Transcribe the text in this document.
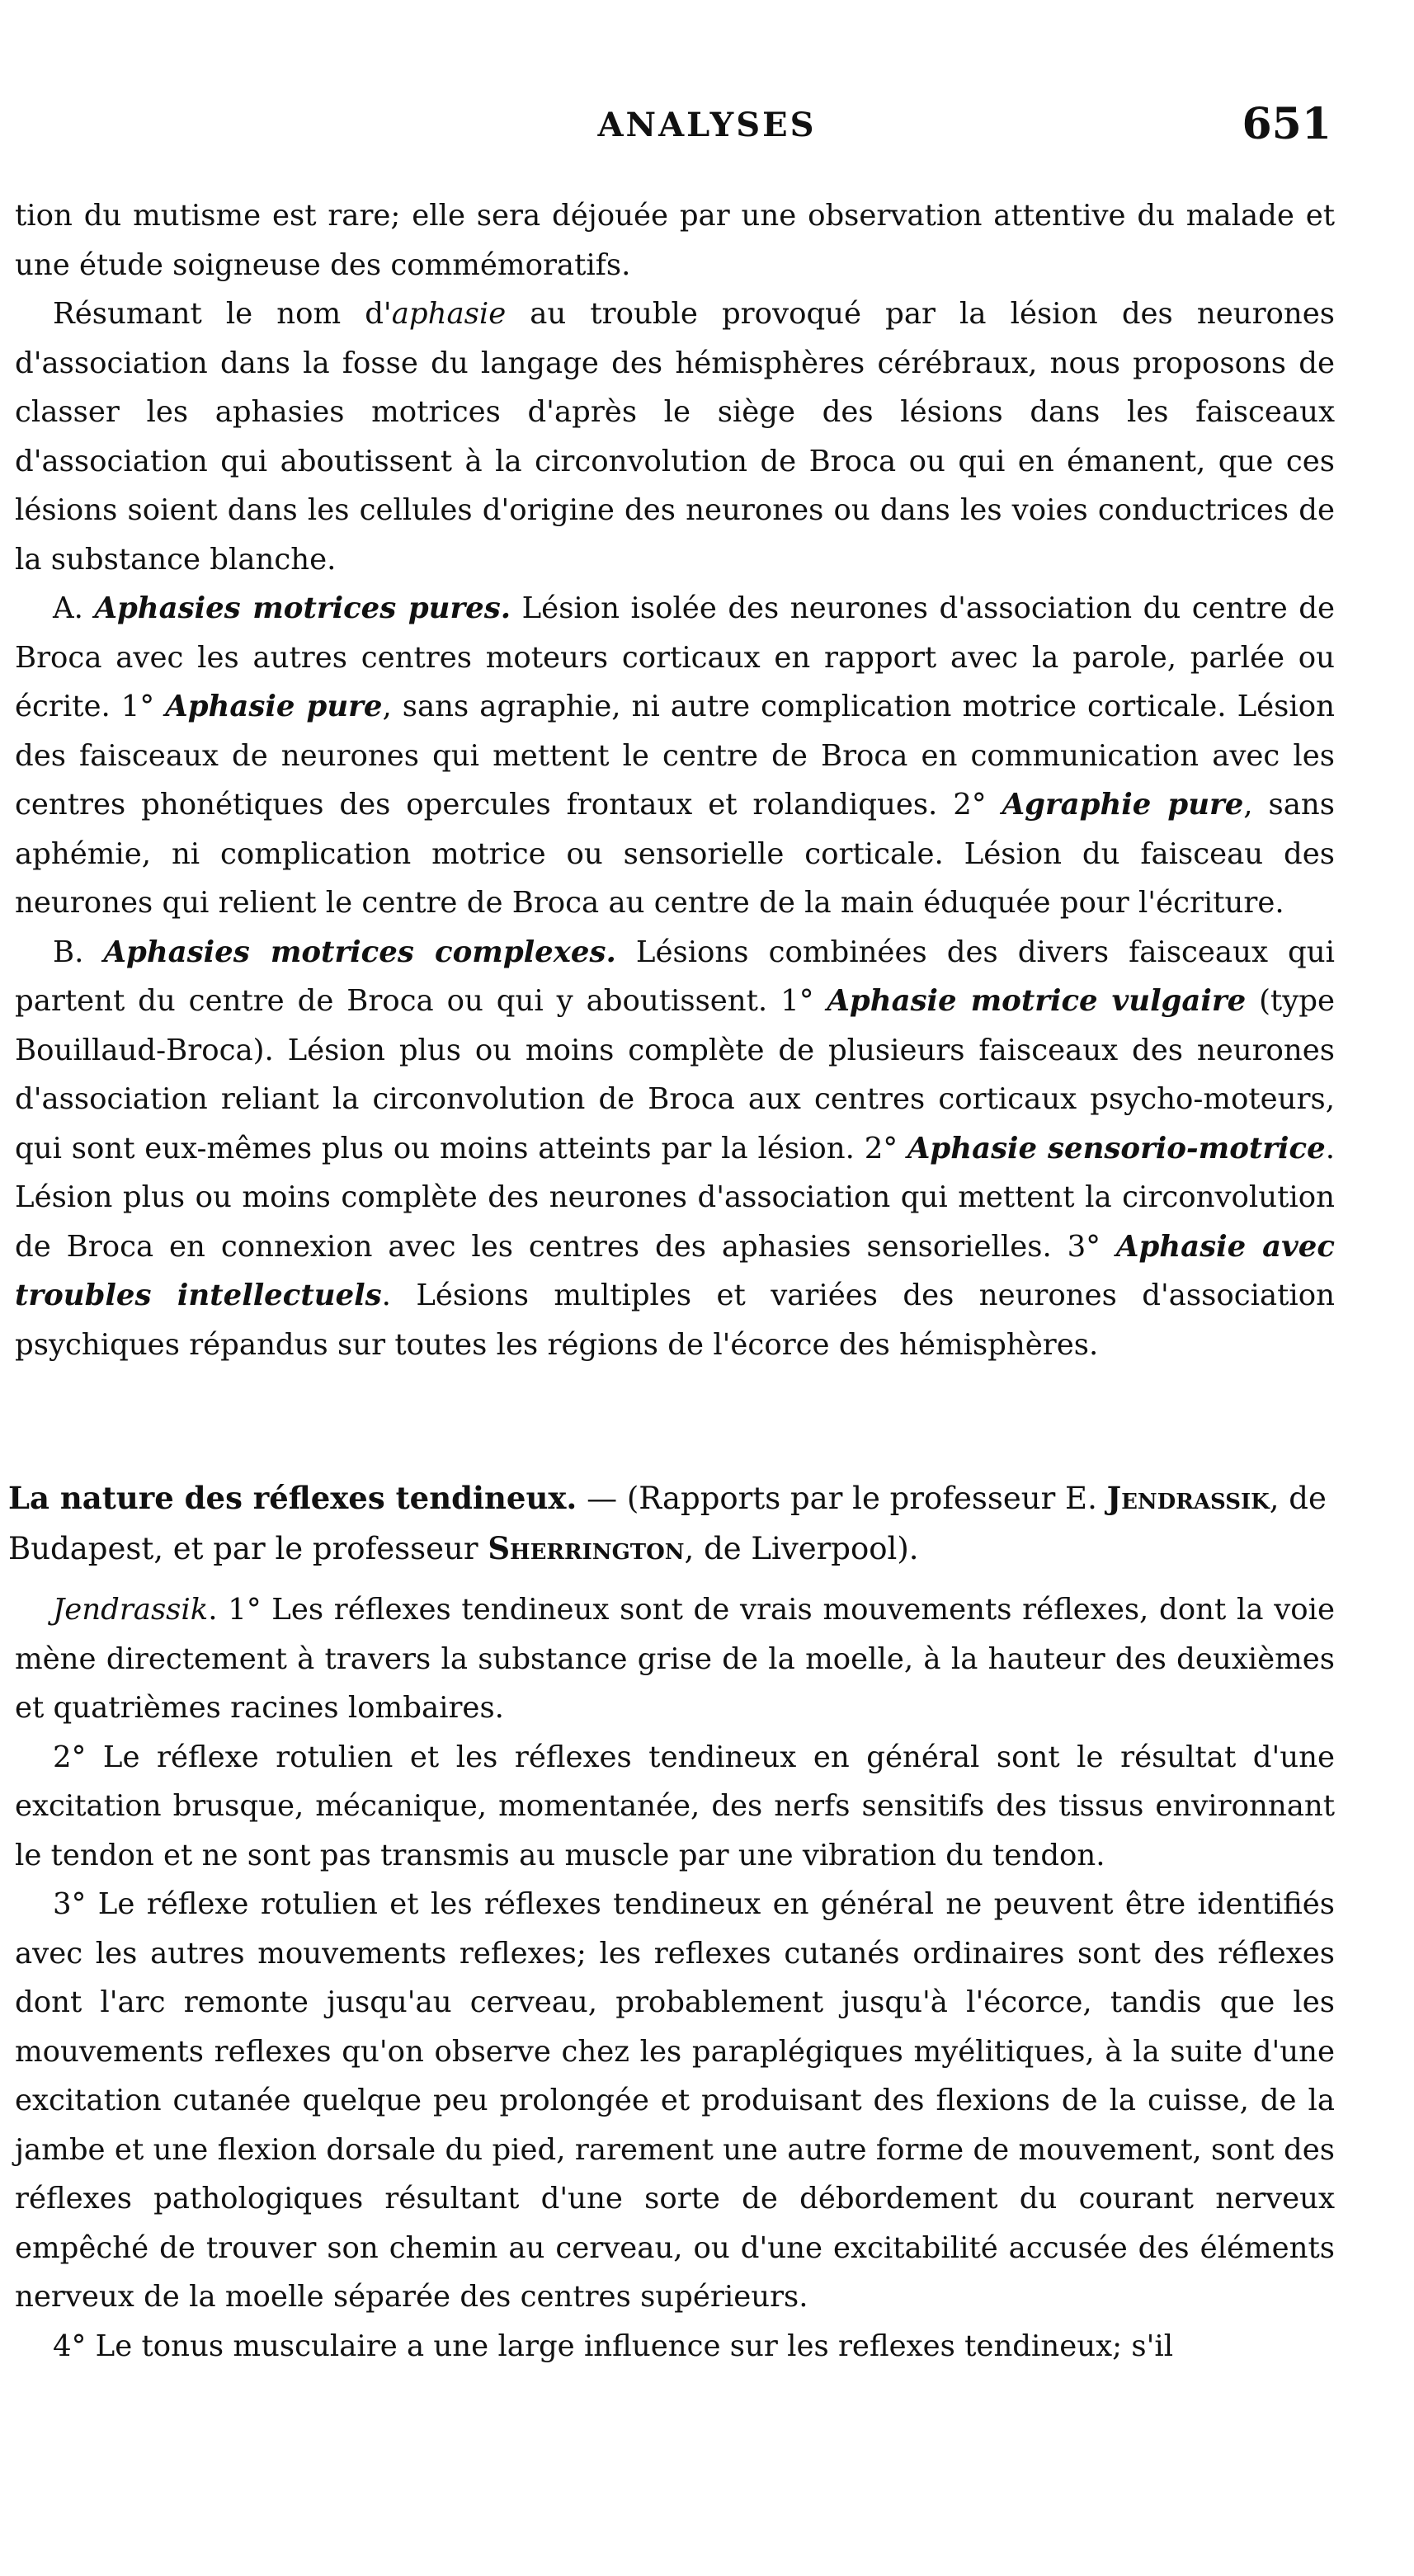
ANALYSES	651

tion du mutisme est rare; elle sera déjouée par une observation attentive du malade et une étude soigneuse des commémoratifs.

Résumant le nom d'aphasie au trouble provoqué par la lésion des neurones d'association dans la fosse du langage des hémisphères cérébraux, nous proposons de classer les aphasies motrices d'après le siège des lésions dans les faisceaux d'association qui aboutissent à la circonvolution de Broca ou qui en émanent, que ces lésions soient dans les cellules d'origine des neurones ou dans les voies conductrices de la substance blanche.

A. Aphasies motrices pures. Lésion isolée des neurones d'association du centre de Broca avec les autres centres moteurs corticaux en rapport avec la parole, parlée ou écrite. 1° Aphasie pure, sans agraphie, ni autre complication motrice corticale. Lésion des faisceaux de neurones qui mettent le centre de Broca en communication avec les centres phonétiques des opercules frontaux et rolandiques. 2° Agraphie pure, sans aphémie, ni complication motrice ou sensorielle corticale. Lésion du faisceau des neurones qui relient le centre de Broca au centre de la main éduquée pour l'écriture.

B. Aphasies motrices complexes. Lésions combinées des divers faisceaux qui partent du centre de Broca ou qui y aboutissent. 1° Aphasie motrice vulgaire (type Bouillaud-Broca). Lésion plus ou moins complète de plusieurs faisceaux des neurones d'association reliant la circonvolution de Broca aux centres corticaux psycho-moteurs, qui sont eux-mêmes plus ou moins atteints par la lésion. 2° Aphasie sensorio-motrice. Lésion plus ou moins complète des neurones d'association qui mettent la circonvolution de Broca en connexion avec les centres des aphasies sensorielles. 3° Aphasie avec troubles intellectuels. Lésions multiples et variées des neurones d'association psychiques répandus sur toutes les régions de l'écorce des hémisphères.

La nature des réflexes tendineux. — (Rapports par le professeur E. Jendrassik, de Budapest, et par le professeur Sherrington, de Liverpool).

Jendrassik. 1° Les réflexes tendineux sont de vrais mouvements réflexes, dont la voie mène directement à travers la substance grise de la moelle, à la hauteur des deuxièmes et quatrièmes racines lombaires.

2° Le réflexe rotulien et les réflexes tendineux en général sont le résultat d'une excitation brusque, mécanique, momentanée, des nerfs sensitifs des tissus environnant le tendon et ne sont pas transmis au muscle par une vibration du tendon.

3° Le réflexe rotulien et les réflexes tendineux en général ne peuvent être identifiés avec les autres mouvements reflexes; les reflexes cutanés ordinaires sont des réflexes dont l'arc remonte jusqu'au cerveau, probablement jusqu'à l'écorce, tandis que les mouvements reflexes qu'on observe chez les paraplégiques myélitiques, à la suite d'une excitation cutanée quelque peu prolongée et produisant des flexions de la cuisse, de la jambe et une flexion dorsale du pied, rarement une autre forme de mouvement, sont des réflexes pathologiques résultant d'une sorte de débordement du courant nerveux empêché de trouver son chemin au cerveau, ou d'une excitabilité accusée des éléments nerveux de la moelle séparée des centres supérieurs.

4° Le tonus musculaire a une large influence sur les reflexes tendineux; s'il
